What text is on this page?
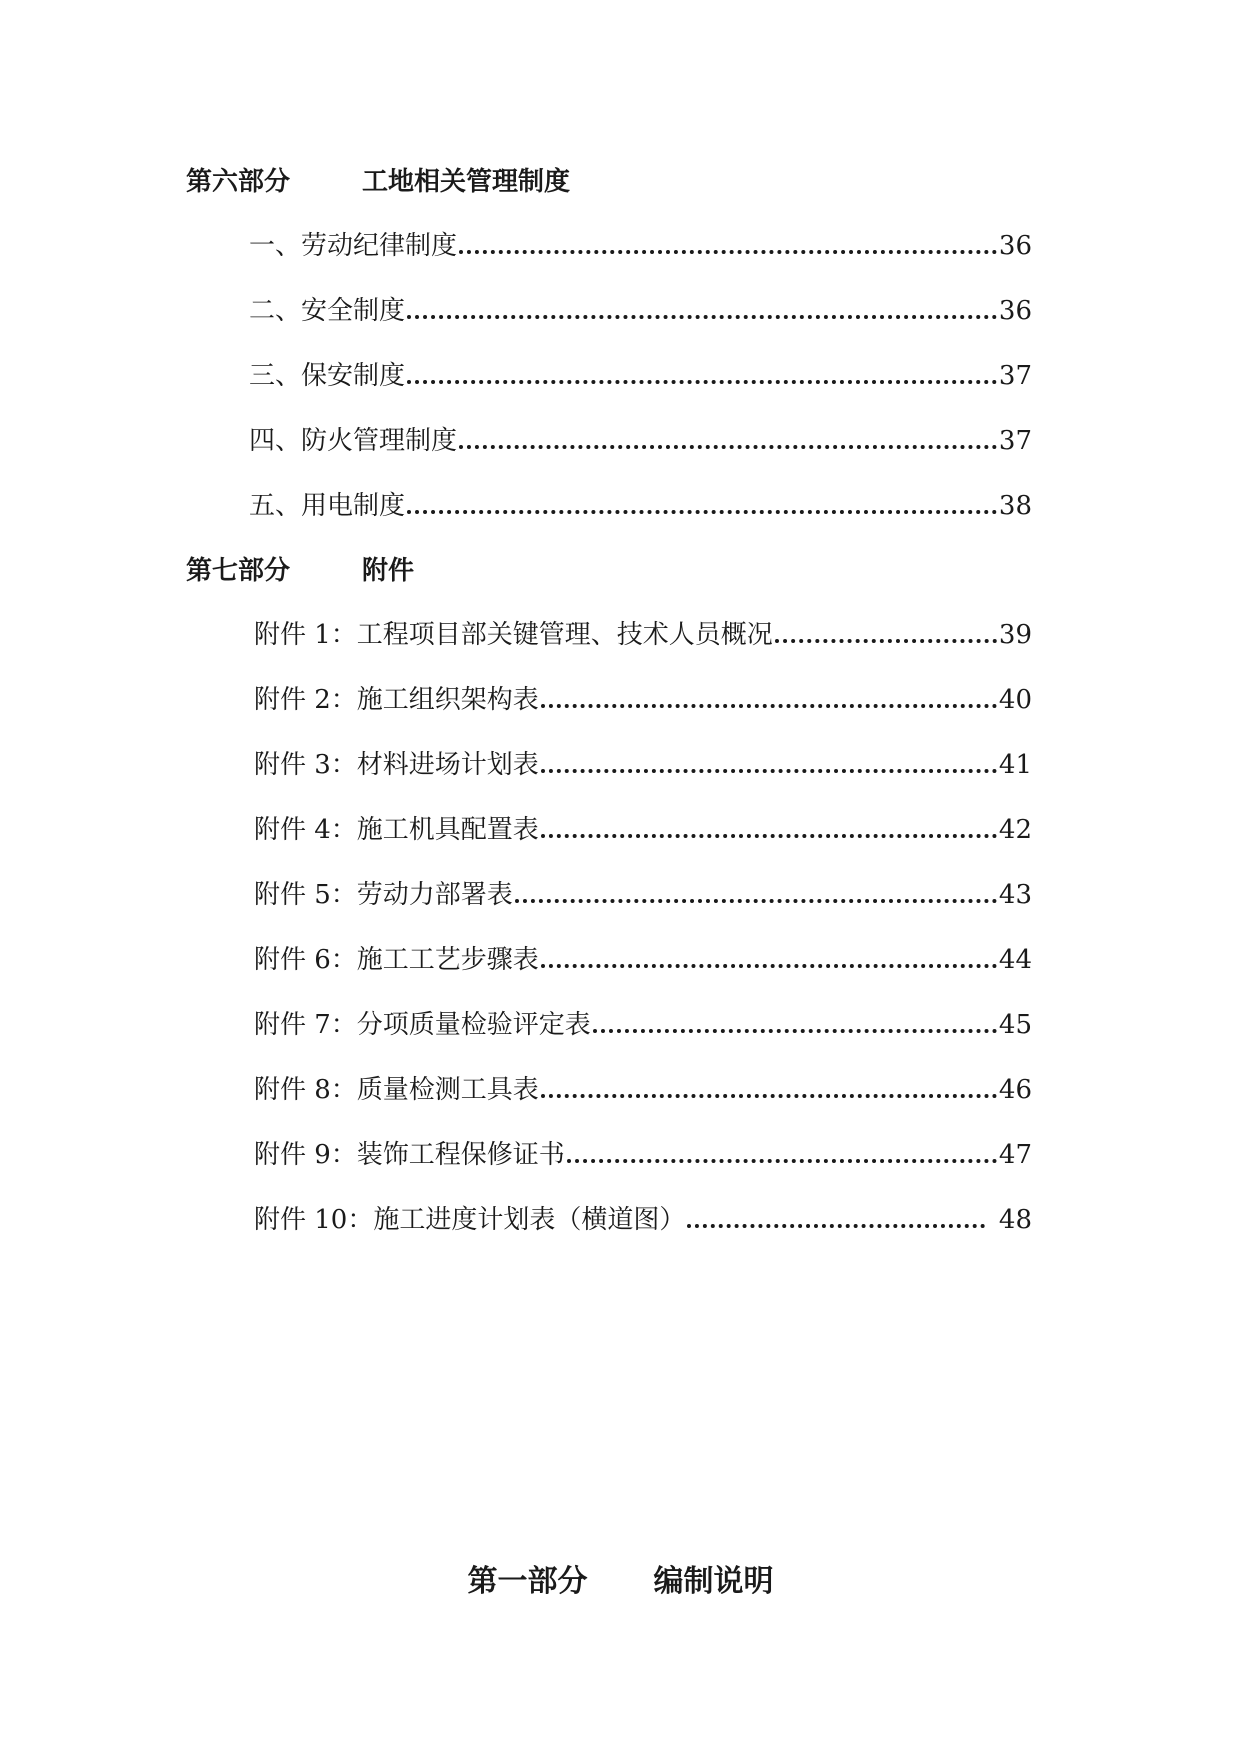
第六部分	工地相关管理制度
一、劳动纪律制度	36
二、安全制度	36
三、保安制度	37
四、防火管理制度	37
五、用电制度	38
第七部分	附件
附件 1：工程项目部关键管理、技术人员概况	39
附件 2：施工组织架构表	40
附件 3：材料进场计划表	41
附件 4：施工机具配置表	42
附件 5：劳动力部署表	43
附件 6：施工工艺步骤表	44
附件 7：分项质量检验评定表	45
附件 8：质量检测工具表	46
附件 9：装饰工程保修证书	47
附件 10：施工进度计划表（横道图）	48
第一部分 编制说明
